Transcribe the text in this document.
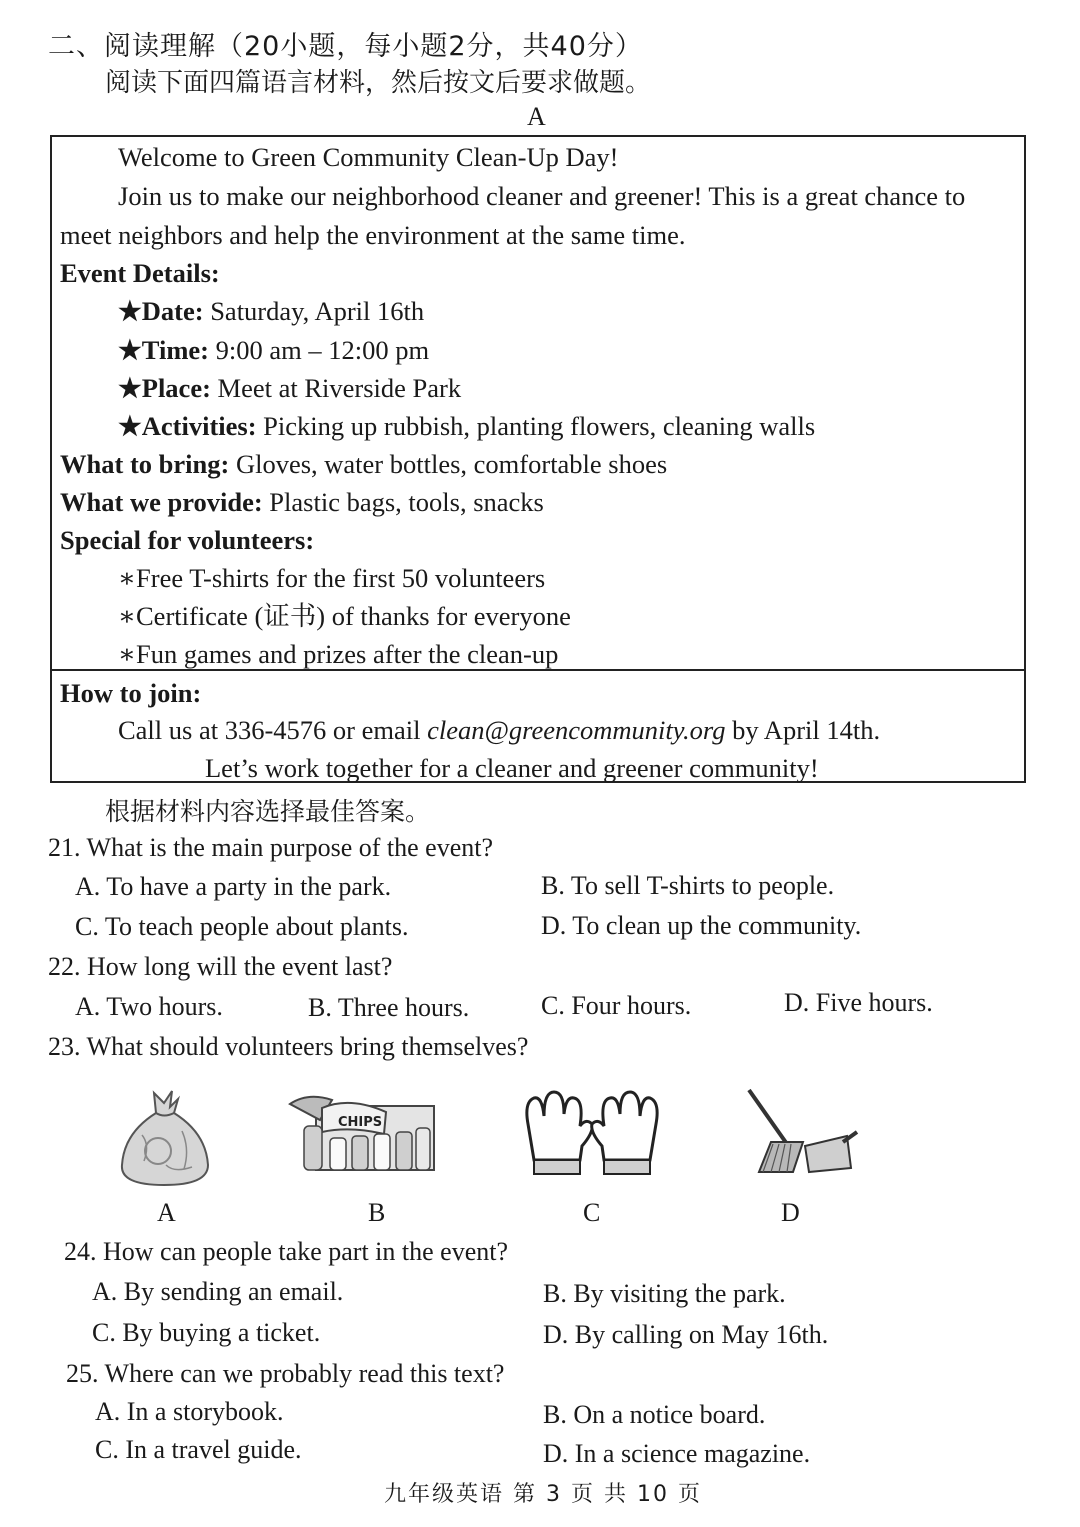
二、阅读理解（20小题，每小题2分，共40分）
阅读下面四篇语言材料，然后按文后要求做题。
A
Welcome to Green Community Clean-Up Day!
Join us to make our neighborhood cleaner and greener! This is a great chance to
meet neighbors and help the environment at the same time.
Event Details:
★Date: Saturday, April 16th
★Time: 9:00 am – 12:00 pm
★Place: Meet at Riverside Park
★Activities: Picking up rubbish, planting flowers, cleaning walls
What to bring: Gloves, water bottles, comfortable shoes
What we provide: Plastic bags, tools, snacks
Special for volunteers:
∗Free T-shirts for the first 50 volunteers
∗Certificate (证书) of thanks for everyone
∗Fun games and prizes after the clean-up
How to join:
Call us at 336-4576 or email clean@greencommunity.org by April 14th.
Let’s work together for a cleaner and greener community!
根据材料内容选择最佳答案。
21. What is the main purpose of the event?
A. To have a party in the park.	B. To sell T-shirts to people.
C. To teach people about plants.	D. To clean up the community.
22. How long will the event last?
A. Two hours.	B. Three hours.	C. Four hours.	D. Five hours.
23. What should volunteers bring themselves?
A
CHIPS
B	C	D
24. How can people take part in the event?
A. By sending an email.	B. By visiting the park.
C. By buying a ticket.	D. By calling on May 16th.
25. Where can we probably read this text?
A. In a storybook.	B. On a notice board.
C. In a travel guide.	D. In a science magazine.
九年级英语 第 3 页 共 10 页
